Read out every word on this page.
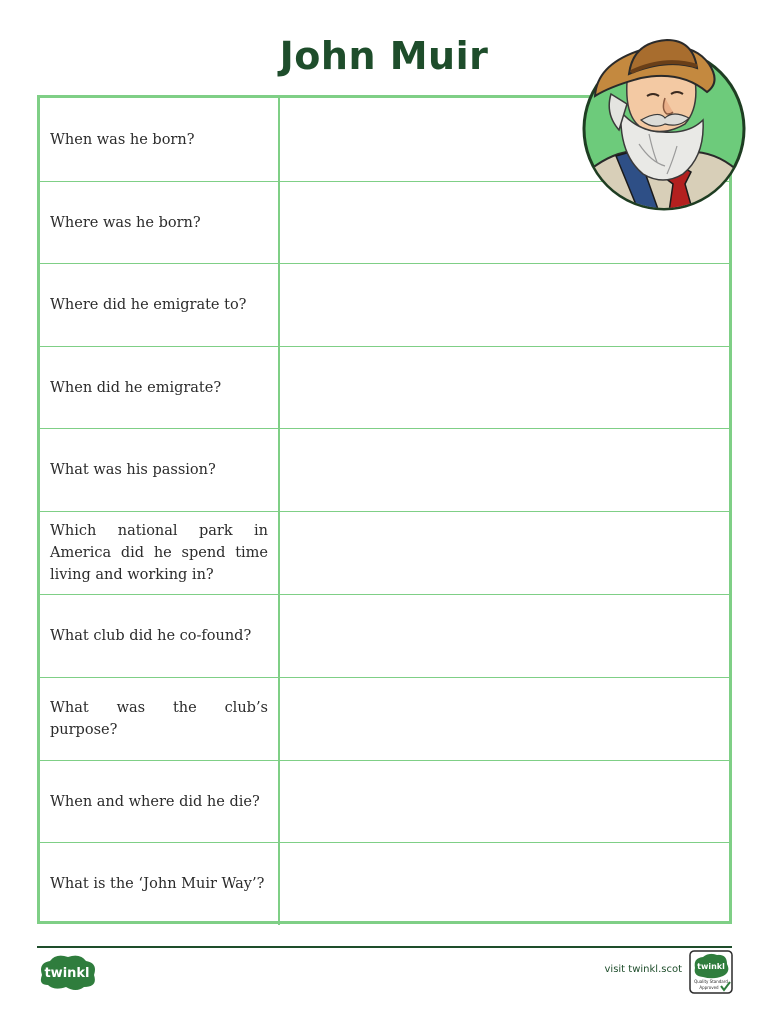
John Muir
When was he born?
Where was he born?
Where did he emigrate to?
When did he emigrate?
What was his passion?
Which national park in America did he spend time living and working in?
What club did he co-found?
What was the club’s purpose?
When and where did he die?
What is the ‘John Muir Way’?
twinkl	visit twinkl.scot twinkl
Quality Standard
Approved
